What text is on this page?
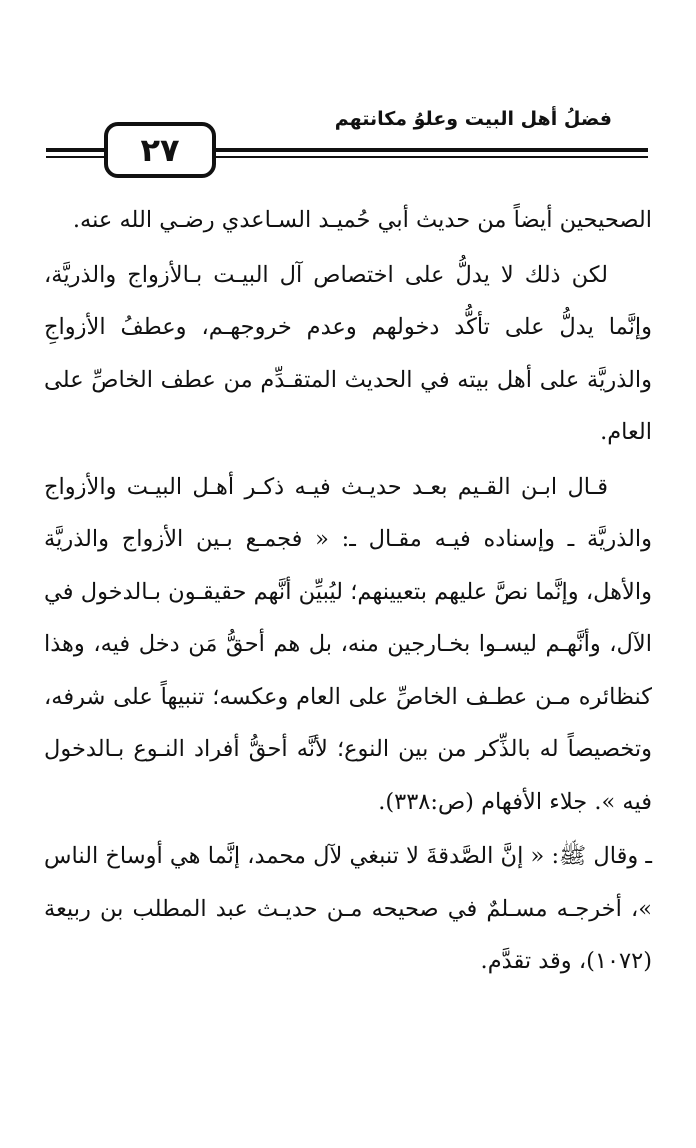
فضلُ أهل البيت وعلوُ مكانتهم
٢٧

الصحيحين أيضاً من حديث أبي حُميـد السـاعدي رضـي الله عنه.

لكن ذلك لا يدلُّ على اختصاص آل البيـت بـالأزواج والذريَّة، وإنَّما يدلُّ على تأكُّد دخولهم وعدم خروجهـم، وعطفُ الأزواجِ والذريَّة على أهل بيته في الحديث المتقـدِّم من عطف الخاصِّ على العام.

قـال ابـن القـيم بعـد حديـث فيـه ذكـر أهـل البيـت والأزواج والذريَّة ـ وإسناده فيـه مقـال ـ: « فجمـع بـين الأزواج والذريَّة والأهل، وإنَّما نصَّ عليهم بتعيينهم؛ ليُبيِّن أنَّهم حقيقـون بـالدخول في الآل، وأنَّهـم ليسـوا بخـارجين منه، بل هم أحقُّ مَن دخل فيه، وهذا كنظائره مـن عطـف الخاصِّ على العام وعكسه؛ تنبيهاً على شرفه، وتخصيصاً له بالذِّكر من بين النوع؛ لأنَّه أحقُّ أفراد النـوع بـالدخول فيه ». جلاء الأفهام (ص:٣٣٨).

ـ وقال ﷺ: « إنَّ الصَّدقةَ لا تنبغي لآل محمد، إنَّما هي أوساخ الناس »، أخرجـه مسـلمٌ في صحيحه مـن حديـث عبد المطلب بن ربيعة (١٠٧٢)، وقد تقدَّم.
